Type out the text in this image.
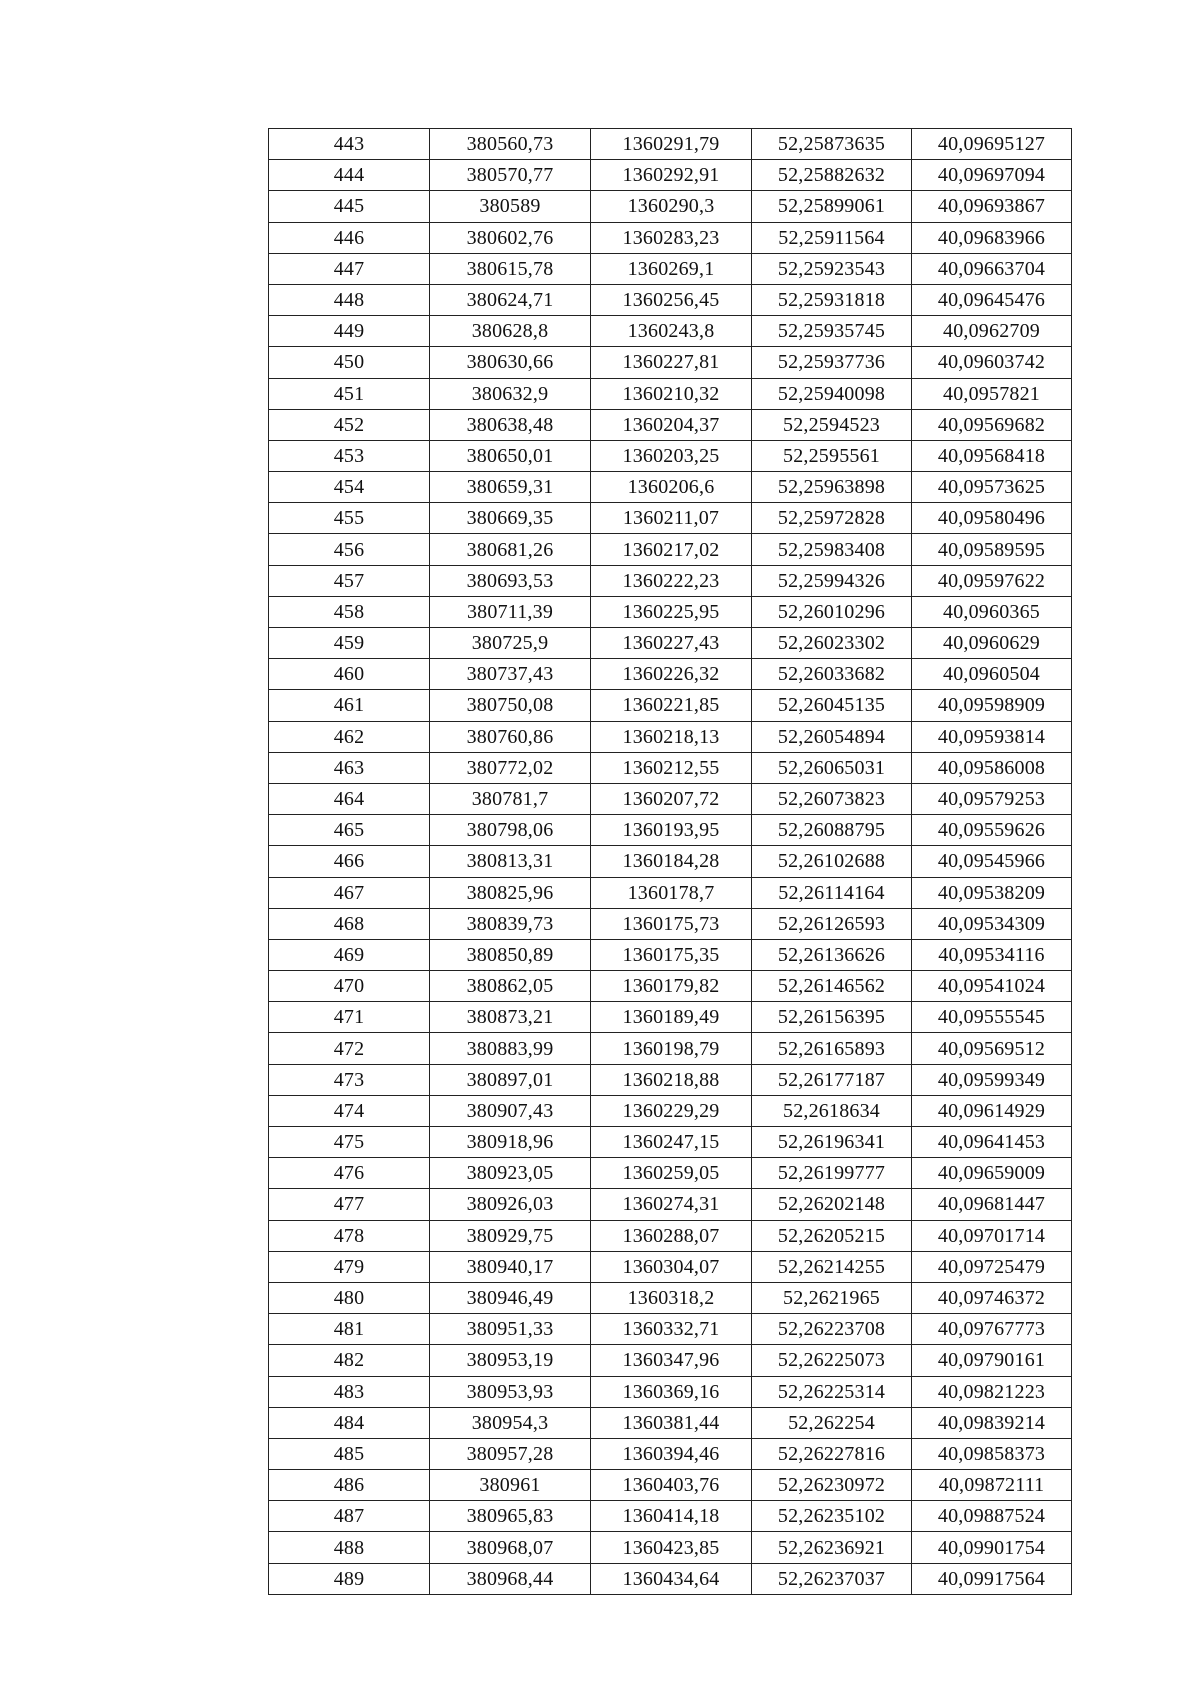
443	380560,73	1360291,79	52,25873635	40,09695127
444	380570,77	1360292,91	52,25882632	40,09697094
445	380589	1360290,3	52,25899061	40,09693867
446	380602,76	1360283,23	52,25911564	40,09683966
447	380615,78	1360269,1	52,25923543	40,09663704
448	380624,71	1360256,45	52,25931818	40,09645476
449	380628,8	1360243,8	52,25935745	40,0962709
450	380630,66	1360227,81	52,25937736	40,09603742
451	380632,9	1360210,32	52,25940098	40,0957821
452	380638,48	1360204,37	52,2594523	40,09569682
453	380650,01	1360203,25	52,2595561	40,09568418
454	380659,31	1360206,6	52,25963898	40,09573625
455	380669,35	1360211,07	52,25972828	40,09580496
456	380681,26	1360217,02	52,25983408	40,09589595
457	380693,53	1360222,23	52,25994326	40,09597622
458	380711,39	1360225,95	52,26010296	40,0960365
459	380725,9	1360227,43	52,26023302	40,0960629
460	380737,43	1360226,32	52,26033682	40,0960504
461	380750,08	1360221,85	52,26045135	40,09598909
462	380760,86	1360218,13	52,26054894	40,09593814
463	380772,02	1360212,55	52,26065031	40,09586008
464	380781,7	1360207,72	52,26073823	40,09579253
465	380798,06	1360193,95	52,26088795	40,09559626
466	380813,31	1360184,28	52,26102688	40,09545966
467	380825,96	1360178,7	52,26114164	40,09538209
468	380839,73	1360175,73	52,26126593	40,09534309
469	380850,89	1360175,35	52,26136626	40,09534116
470	380862,05	1360179,82	52,26146562	40,09541024
471	380873,21	1360189,49	52,26156395	40,09555545
472	380883,99	1360198,79	52,26165893	40,09569512
473	380897,01	1360218,88	52,26177187	40,09599349
474	380907,43	1360229,29	52,2618634	40,09614929
475	380918,96	1360247,15	52,26196341	40,09641453
476	380923,05	1360259,05	52,26199777	40,09659009
477	380926,03	1360274,31	52,26202148	40,09681447
478	380929,75	1360288,07	52,26205215	40,09701714
479	380940,17	1360304,07	52,26214255	40,09725479
480	380946,49	1360318,2	52,2621965	40,09746372
481	380951,33	1360332,71	52,26223708	40,09767773
482	380953,19	1360347,96	52,26225073	40,09790161
483	380953,93	1360369,16	52,26225314	40,09821223
484	380954,3	1360381,44	52,262254	40,09839214
485	380957,28	1360394,46	52,26227816	40,09858373
486	380961	1360403,76	52,26230972	40,09872111
487	380965,83	1360414,18	52,26235102	40,09887524
488	380968,07	1360423,85	52,26236921	40,09901754
489	380968,44	1360434,64	52,26237037	40,09917564
